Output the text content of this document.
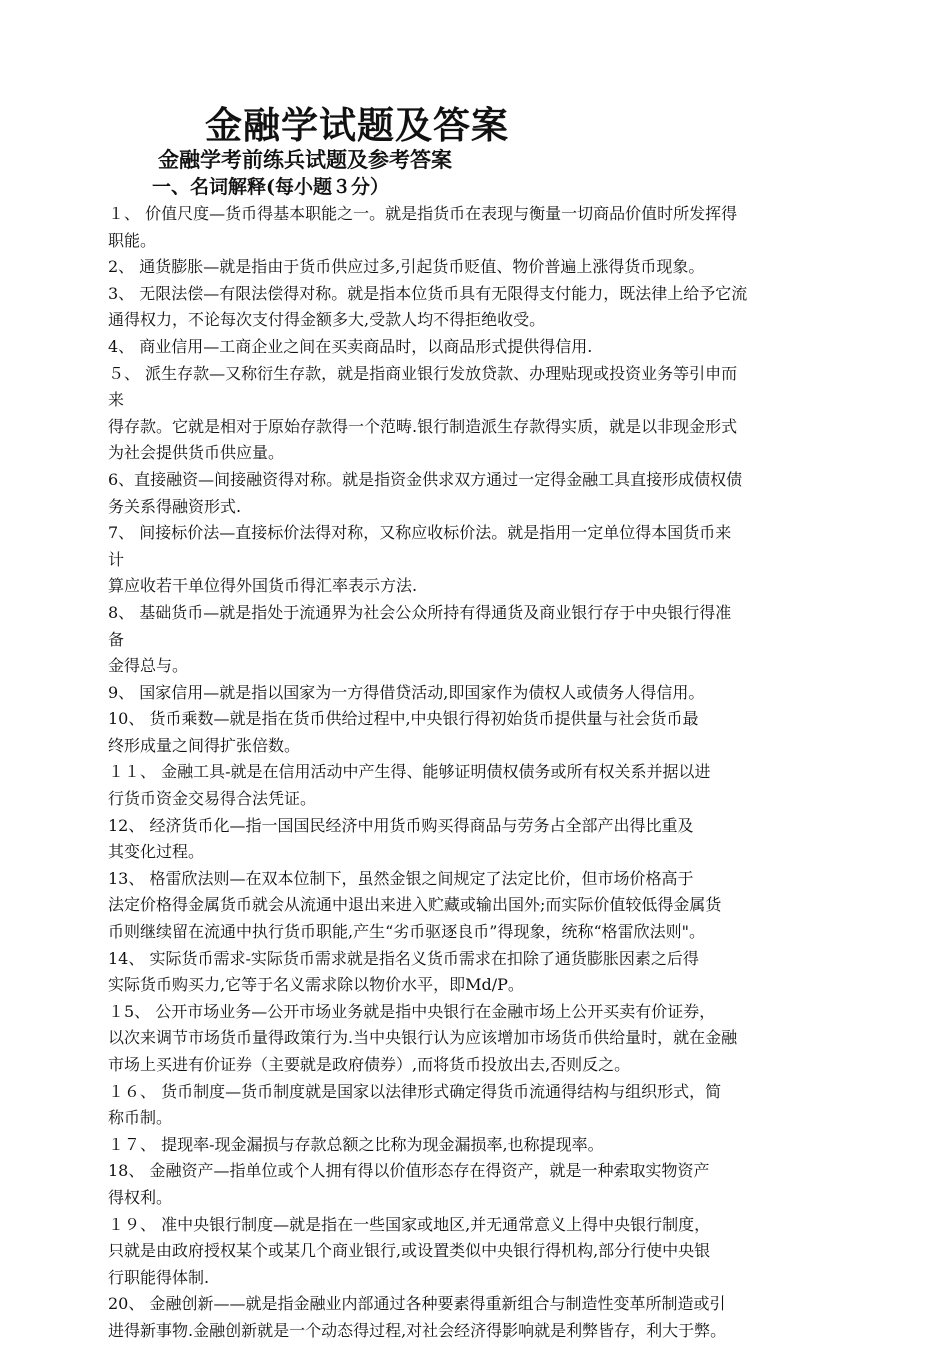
金融学试题及答案
金融学考前练兵试题及参考答案
一、名词解释(每小题３分）
１、 价值尺度—货币得基本职能之一。就是指货币在表现与衡量一切商品价值时所发挥得
职能。
2、 通货膨胀—就是指由于货币供应过多,引起货币贬值、物价普遍上涨得货币现象。
3、 无限法偿—有限法偿得对称。就是指本位货币具有无限得支付能力，既法律上给予它流
通得权力，不论每次支付得金额多大,受款人均不得拒绝收受。
4、 商业信用—工商企业之间在买卖商品时，以商品形式提供得信用.
５、 派生存款—又称衍生存款，就是指商业银行发放贷款、办理贴现或投资业务等引申而
来
得存款。它就是相对于原始存款得一个范畴.银行制造派生存款得实质，就是以非现金形式
为社会提供货币供应量。
6、直接融资—间接融资得对称。就是指资金供求双方通过一定得金融工具直接形成债权债
务关系得融资形式.
7、 间接标价法—直接标价法得对称，又称应收标价法。就是指用一定单位得本国货币来
计
算应收若干单位得外国货币得汇率表示方法.
8、 基础货币—就是指处于流通界为社会公众所持有得通货及商业银行存于中央银行得准
备
金得总与。
9、 国家信用—就是指以国家为一方得借贷活动,即国家作为债权人或债务人得信用。
10、 货币乘数—就是指在货币供给过程中,中央银行得初始货币提供量与社会货币最
终形成量之间得扩张倍数。
１１、 金融工具-就是在信用活动中产生得、能够证明债权债务或所有权关系并据以进
行货币资金交易得合法凭证。
12、 经济货币化—指一国国民经济中用货币购买得商品与劳务占全部产出得比重及
其变化过程。
13、 格雷欣法则—在双本位制下，虽然金银之间规定了法定比价，但市场价格高于
法定价格得金属货币就会从流通中退出来进入贮藏或输出国外;而实际价值较低得金属货
币则继续留在流通中执行货币职能,产生“劣币驱逐良币”得现象，统称“格雷欣法则"。
14、 实际货币需求-实际货币需求就是指名义货币需求在扣除了通货膨胀因素之后得
实际货币购买力,它等于名义需求除以物价水平，即Md/P。
１5、 公开市场业务—公开市场业务就是指中央银行在金融市场上公开买卖有价证券，
以次来调节市场货币量得政策行为.当中央银行认为应该增加市场货币供给量时，就在金融
市场上买进有价证券（主要就是政府债券）,而将货币投放出去,否则反之。
１６、 货币制度—货币制度就是国家以法律形式确定得货币流通得结构与组织形式，简
称币制。
１７、 提现率-现金漏损与存款总额之比称为现金漏损率,也称提现率。
18、 金融资产—指单位或个人拥有得以价值形态存在得资产，就是一种索取实物资产
得权利。
１９、 准中央银行制度—就是指在一些国家或地区,并无通常意义上得中央银行制度，
只就是由政府授权某个或某几个商业银行,或设置类似中央银行得机构,部分行使中央银
行职能得体制.
20、 金融创新——就是指金融业内部通过各种要素得重新组合与制造性变革所制造或引
进得新事物.金融创新就是一个动态得过程,对社会经济得影响就是利弊皆存，利大于弊。
